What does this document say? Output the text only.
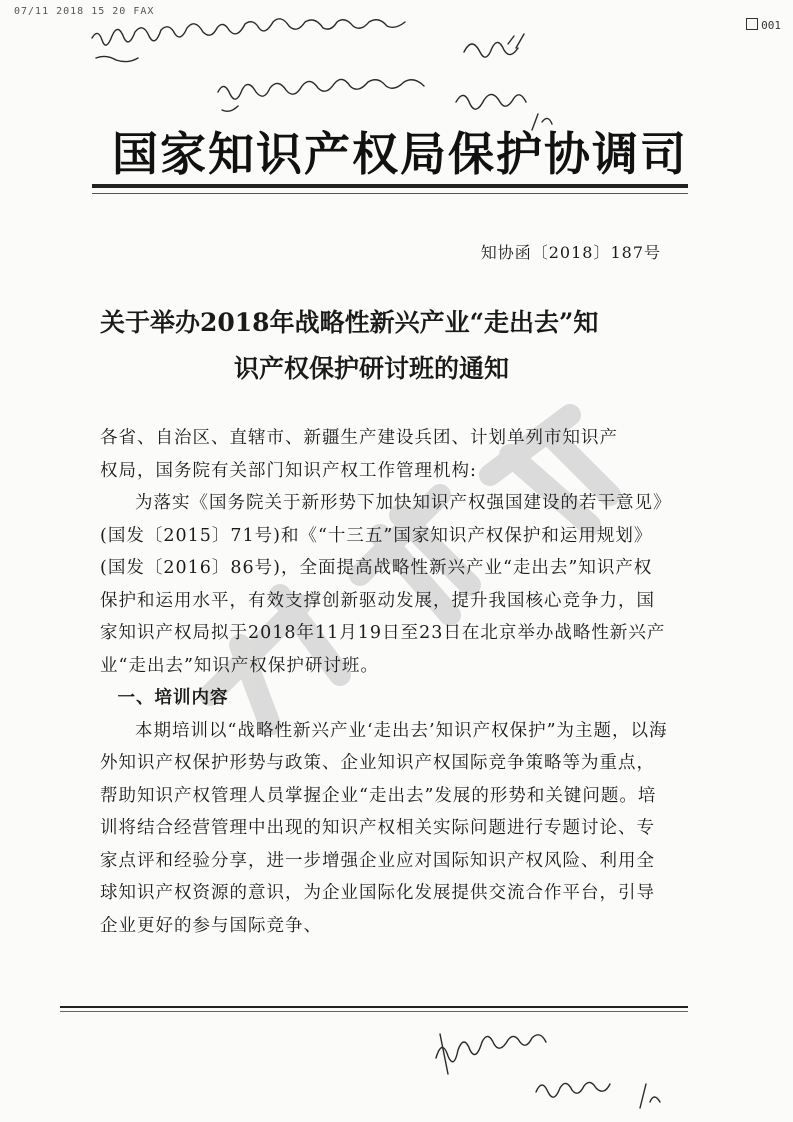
07/11 2018 15 20 FAX
001
国家知识产权局保护协调司
知协函〔2018〕187号
关于举办2018年战略性新兴产业“走出去”知
识产权保护研讨班的通知

各省、自治区、直辖市、新疆生产建设兵团、计划单列市知识产

权局，国务院有关部门知识产权工作管理机构:

为落实《国务院关于新形势下加快知识产权强国建设的若干意见》(国发〔2015〕71号)和《“十三五”国家知识产权保护和运用规划》(国发〔2016〕86号)，全面提高战略性新兴产业“走出去”知识产权保护和运用水平，有效支撑创新驱动发展，提升我国核心竞争力，国家知识产权局拟于2018年11月19日至23日在北京举办战略性新兴产业“走出去”知识产权保护研讨班。

一、培训内容

本期培训以“战略性新兴产业‘走出去’知识产权保护”为主题，以海外知识产权保护形势与政策、企业知识产权国际竞争策略等为重点，帮助知识产权管理人员掌握企业“走出去”发展的形势和关键问题。培训将结合经营管理中出现的知识产权相关实际问题进行专题讨论、专家点评和经验分享，进一步增强企业应对国际知识产权风险、利用全球知识产权资源的意识，为企业国际化发展提供交流合作平台，引导企业更好的参与国际竞争、
